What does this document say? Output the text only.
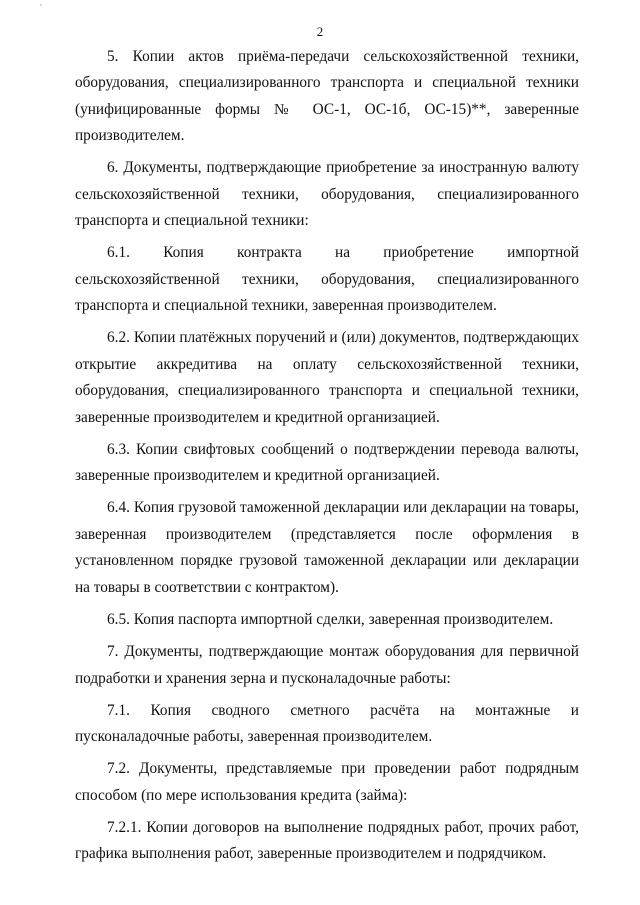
2

5. Копии актов приёма-передачи сельскохозяйственной техники, оборудования, специализированного транспорта и специальной техники (унифицированные формы № ОС-1, ОС-1б, ОС-15)**, заверенные производителем.

6. Документы, подтверждающие приобретение за иностранную валюту сельскохозяйственной техники, оборудования, специализированного транспорта и специальной техники:

6.1. Копия контракта на приобретение импортной сельскохозяйственной техники, оборудования, специализированного транспорта и специальной техники, заверенная производителем.

6.2. Копии платёжных поручений и (или) документов, подтверждающих открытие аккредитива на оплату сельскохозяйственной техники, оборудования, специализированного транспорта и специальной техники, заверенные производителем и кредитной организацией.

6.3. Копии свифтовых сообщений о подтверждении перевода валюты, заверенные производителем и кредитной организацией.

6.4. Копия грузовой таможенной декларации или декларации на товары, заверенная производителем (представляется после оформления в установленном порядке грузовой таможенной декларации или декларации на товары в соответствии с контрактом).

6.5. Копия паспорта импортной сделки, заверенная производителем.

7. Документы, подтверждающие монтаж оборудования для первичной подработки и хранения зерна и пусконаладочные работы:

7.1. Копия сводного сметного расчёта на монтажные и пусконаладочные работы, заверенная производителем.

7.2. Документы, представляемые при проведении работ подрядным способом (по мере использования кредита (займа):

7.2.1. Копии договоров на выполнение подрядных работ, прочих работ, графика выполнения работ, заверенные производителем и подрядчиком.
